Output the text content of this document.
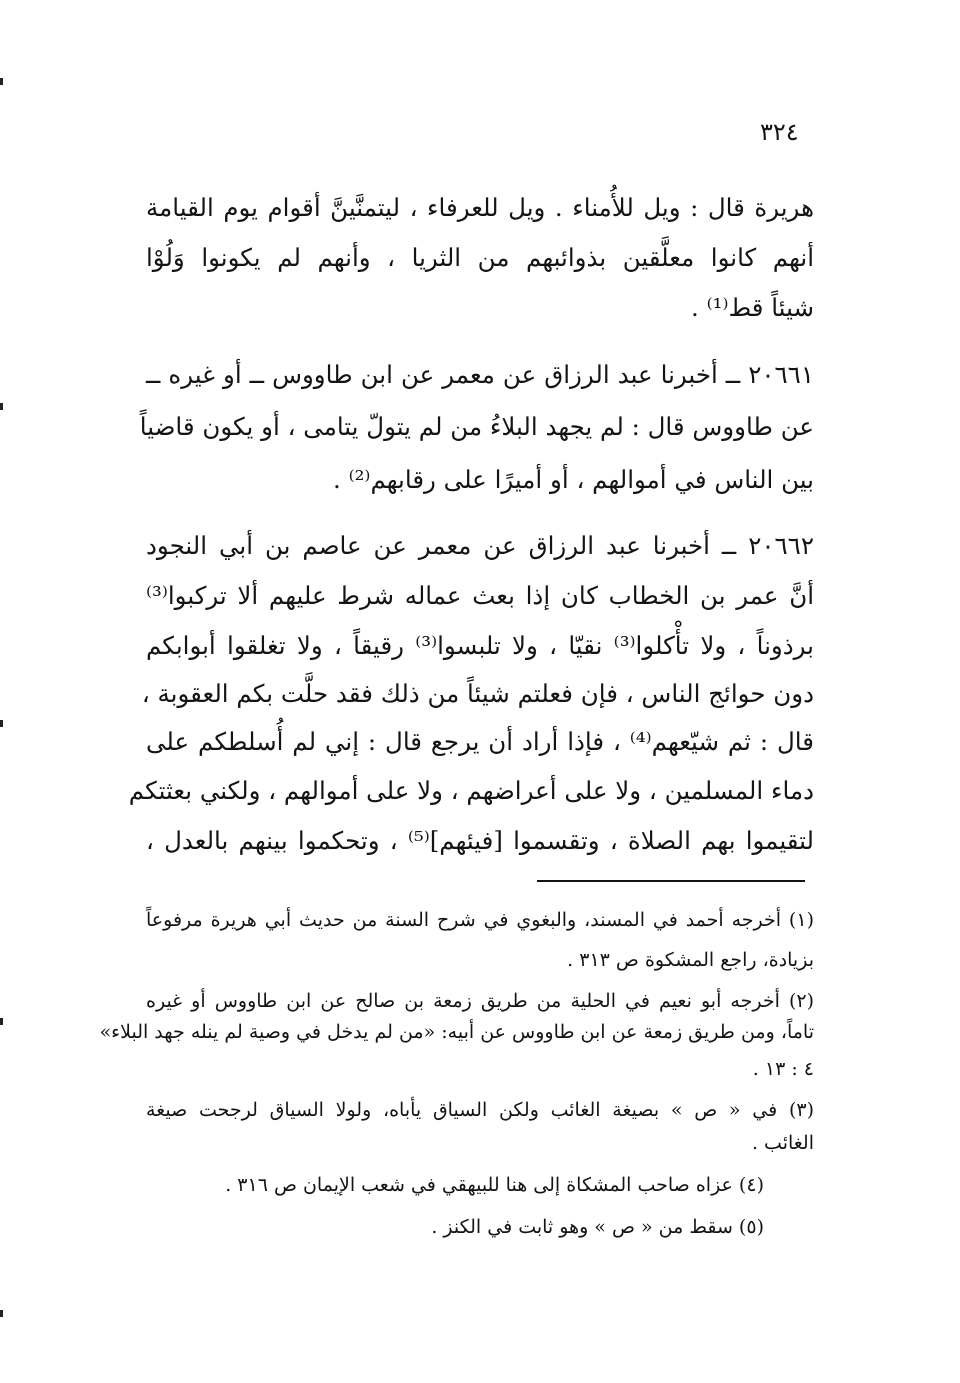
٣٢٤
هريرة قال : ويل للأُمناء . ويل للعرفاء ، ليتمنَّينَّ أقوام يوم القيامة
أنهم كانوا معلَّقين بذوائبهم من الثريا ، وأنهم لم يكونوا وَلُوْا
شيئاً قط⁽¹⁾ .
٢٠٦٦١ ــ أخبرنا عبد الرزاق عن معمر عن ابن طاووس ــ أو غيره ــ
عن طاووس قال : لم يجهد البلاءُ من لم يتولّ يتامى ، أو يكون قاضياً
بين الناس في أموالهم ، أو أميرًا على رقابهم⁽²⁾ .
٢٠٦٦٢ ــ أخبرنا عبد الرزاق عن معمر عن عاصم بن أبي النجود
أنَّ عمر بن الخطاب كان إذا بعث عماله شرط عليهم ألا تركبوا⁽³⁾
برذوناً ، ولا تأْكلوا⁽³⁾ نقيّا ، ولا تلبسوا⁽³⁾ رقيقاً ، ولا تغلقوا أبوابكم
دون حوائج الناس ، فإن فعلتم شيئاً من ذلك فقد حلَّت بكم العقوبة ،
قال : ثم شيّعهم⁽⁴⁾ ، فإذا أراد أن يرجع قال : إني لم أُسلطكم على
دماء المسلمين ، ولا على أعراضهم ، ولا على أموالهم ، ولكني بعثتكم
لتقيموا بهم الصلاة ، وتقسموا [فيئهم]⁽⁵⁾ ، وتحكموا بينهم بالعدل ،
(١) أخرجه أحمد في المسند، والبغوي في شرح السنة من حديث أبي هريرة مرفوعاً
بزيادة، راجع المشكوة ص ٣١٣ .
(٢) أخرجه أبو نعيم في الحلية من طريق زمعة بن صالح عن ابن طاووس أو غيره
تاماً، ومن طريق زمعة عن ابن طاووس عن أبيه: «من لم يدخل في وصية لم ينله جهد البلاء»
٤ : ١٣ .
(٣) في « ص » بصيغة الغائب ولكن السياق يأباه، ولولا السياق لرجحت صيغة
الغائب .
(٤) عزاه صاحب المشكاة إلى هنا للبيهقي في شعب الإيمان ص ٣١٦ .
(٥) سقط من « ص » وهو ثابت في الكنز .
